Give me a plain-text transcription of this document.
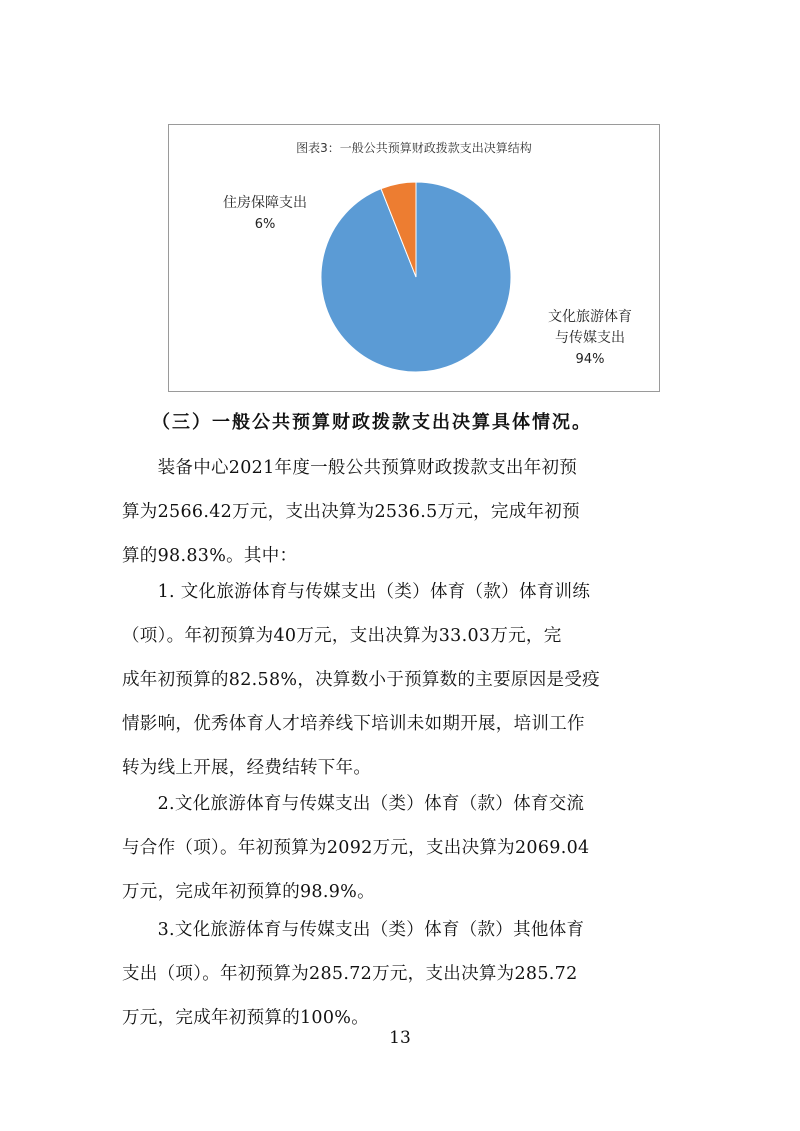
图表3：一般公共预算财政拨款支出决算结构
住房保障支出
6%
文化旅游体育
与传媒支出
94%
（三）一般公共预算财政拨款支出决算具体情况。
　　装备中心2021年度一般公共预算财政拨款支出年初预
算为2566.42万元，支出决算为2536.5万元，完成年初预
算的98.83%。其中：
　　1. 文化旅游体育与传媒支出（类）体育（款）体育训练
（项）。年初预算为40万元，支出决算为33.03万元，完
成年初预算的82.58%，决算数小于预算数的主要原因是受疫
情影响，优秀体育人才培养线下培训未如期开展，培训工作
转为线上开展，经费结转下年。
　　2.文化旅游体育与传媒支出（类）体育（款）体育交流
与合作（项）。年初预算为2092万元，支出决算为2069.04
万元，完成年初预算的98.9%。
　　3.文化旅游体育与传媒支出（类）体育（款）其他体育
支出（项）。年初预算为285.72万元，支出决算为285.72
万元，完成年初预算的100%。
13
